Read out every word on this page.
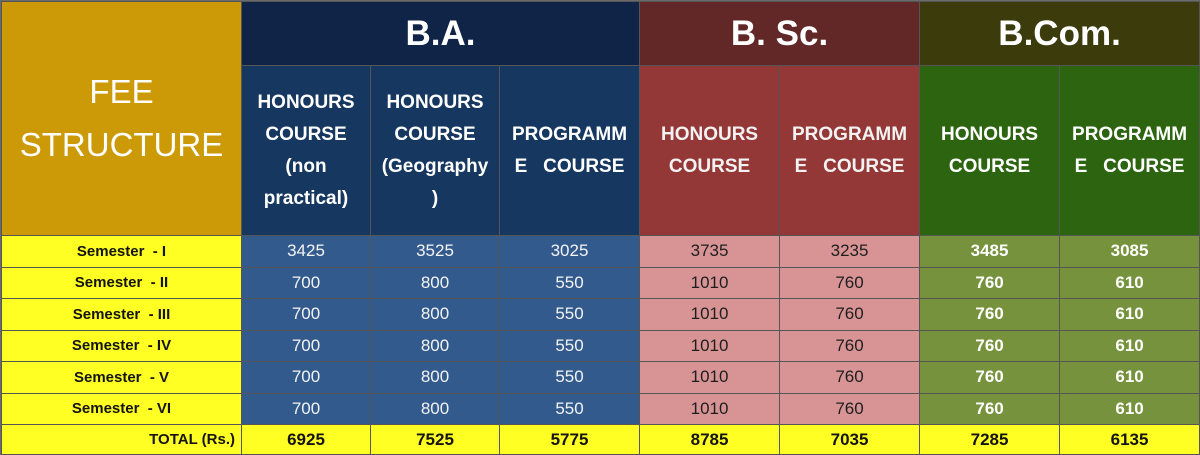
FEE
STRUCTURE	B.A.			B. Sc.		B.Com.	
	HONOURS
COURSE
(non
practical)	HONOURS
COURSE
(Geography
)	PROGRAMM
E   COURSE	HONOURS
COURSE	PROGRAMM
E   COURSE	HONOURS
COURSE	PROGRAMM
E   COURSE
Semester  - I	3425	3525	3025	3735	3235	3485	3085
Semester  - II	700	800	550	1010	760	760	610
Semester  - III	700	800	550	1010	760	760	610
Semester  - IV	700	800	550	1010	760	760	610
Semester  - V	700	800	550	1010	760	760	610
Semester  - VI	700	800	550	1010	760	760	610
TOTAL (Rs.)	6925	7525	5775	8785	7035	7285	6135
